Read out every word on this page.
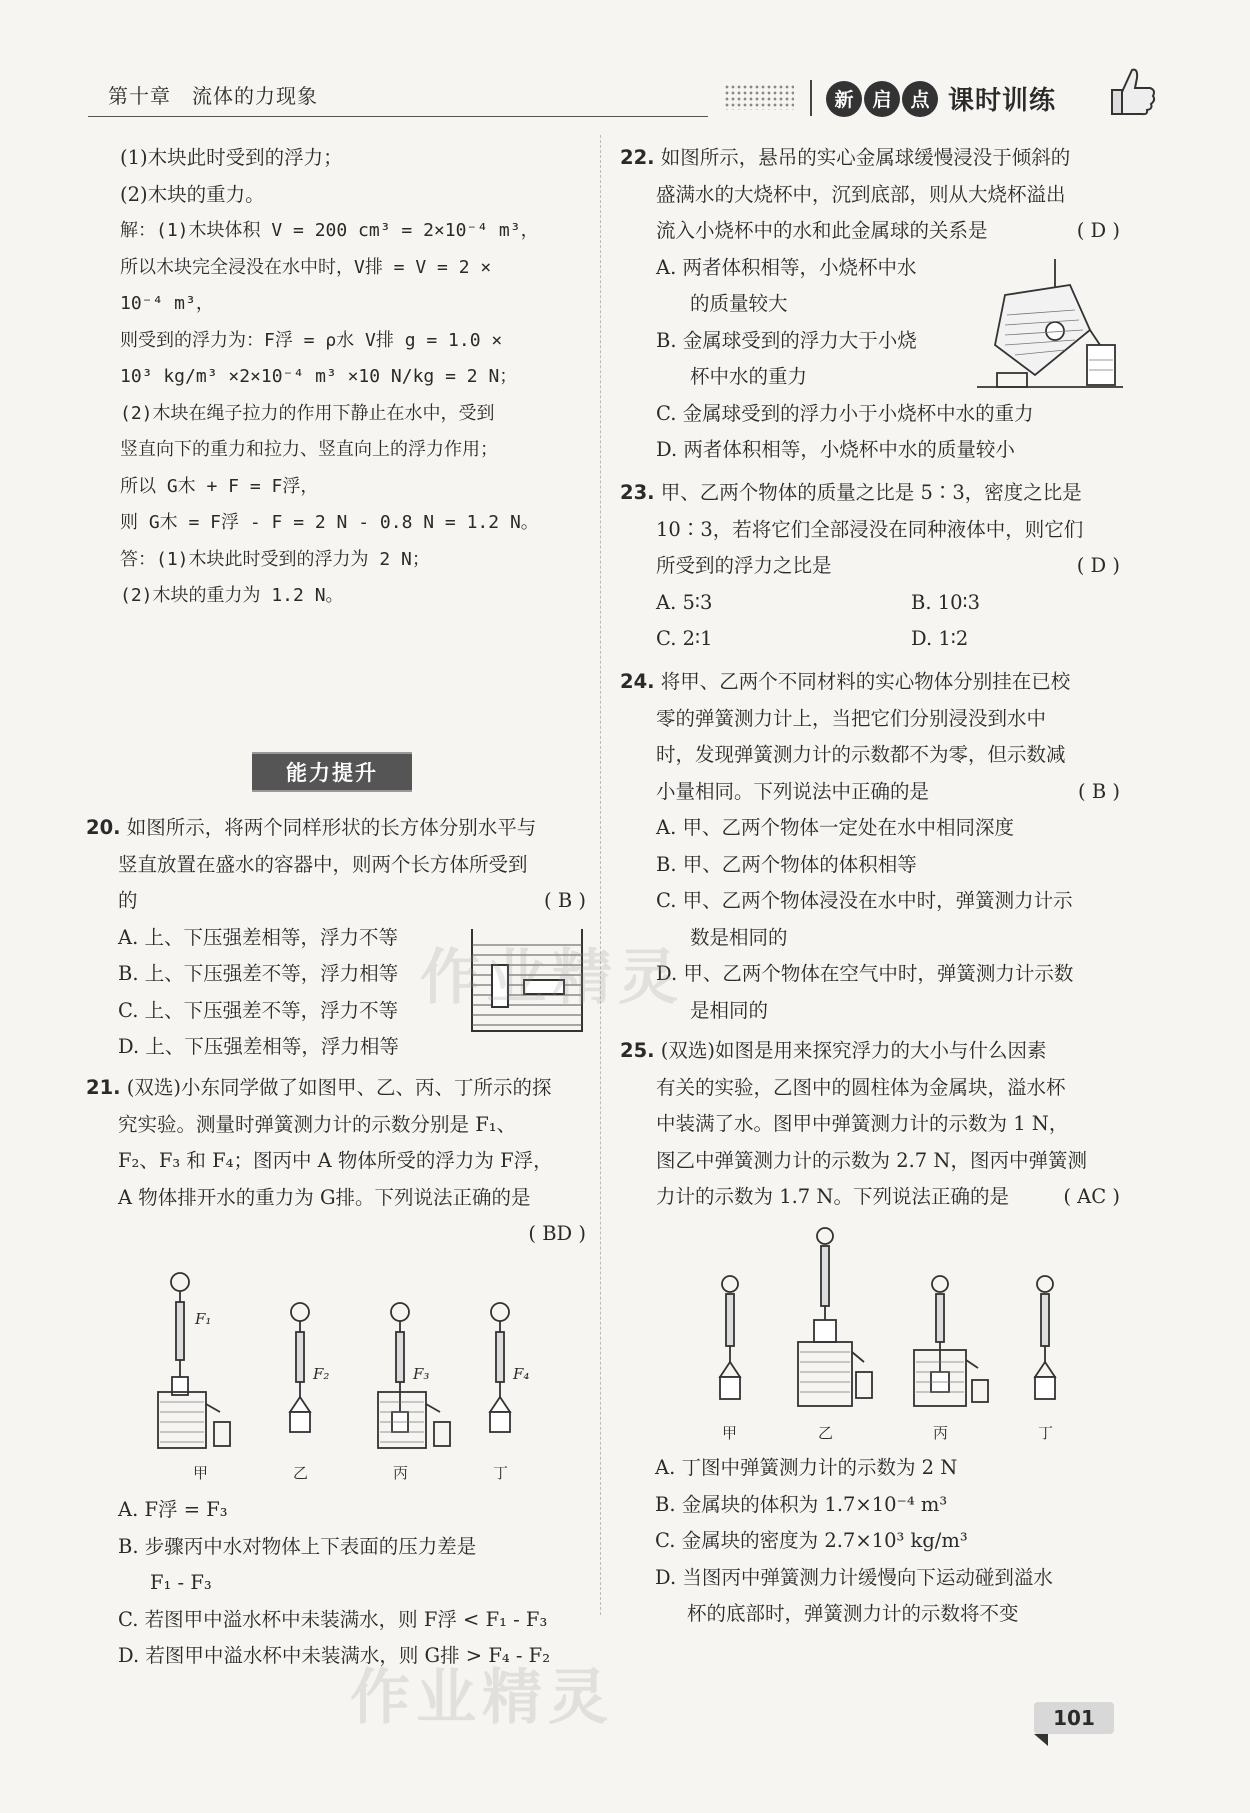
第十章　流体的力现象	新 启 点 课时训练

(1)木块此时受到的浮力；

(2)木块的重力。

解：(1)木块体积 V = 200 cm³ = 2×10⁻⁴ m³，

所以木块完全浸没在水中时，V排 = V = 2 ×

10⁻⁴ m³，

则受到的浮力为：F浮 = ρ水 V排 g = 1.0 ×

10³ kg/m³ ×2×10⁻⁴ m³ ×10 N/kg = 2 N；

(2)木块在绳子拉力的作用下静止在水中，受到

竖直向下的重力和拉力、竖直向上的浮力作用；

所以 G木 + F = F浮，

则 G木 = F浮 - F = 2 N - 0.8 N = 1.2 N。

答：(1)木块此时受到的浮力为 2 N；

(2)木块的重力为 1.2 N。

能力提升

20. 如图所示，将两个同样形状的长方体分别水平与

竖直放置在盛水的容器中，则两个长方体所受到

的	( B )

A. 上、下压强差相等，浮力不等

B. 上、下压强差不等，浮力相等

C. 上、下压强差不等，浮力不等

D. 上、下压强差相等，浮力相等

21. (双选)小东同学做了如图甲、乙、丙、丁所示的探

究实验。测量时弹簧测力计的示数分别是 F₁、

F₂、F₃ 和 F₄；图丙中 A 物体所受的浮力为 F浮，

A 物体排开水的重力为 G排。下列说法正确的是

( BD )

F₁
F₂	F₃	F₄
甲	乙	丙	丁

A. F浮 = F₃

B. 步骤丙中水对物体上下表面的压力差是

F₁ - F₃

C. 若图甲中溢水杯中未装满水，则 F浮 < F₁ - F₃

D. 若图甲中溢水杯中未装满水，则 G排 > F₄ - F₂

22. 如图所示，悬吊的实心金属球缓慢浸没于倾斜的

盛满水的大烧杯中，沉到底部，则从大烧杯溢出

流入小烧杯中的水和此金属球的关系是	( D )

A. 两者体积相等，小烧杯中水

的质量较大

B. 金属球受到的浮力大于小烧

杯中水的重力

C. 金属球受到的浮力小于小烧杯中水的重力

D. 两者体积相等，小烧杯中水的质量较小

23. 甲、乙两个物体的质量之比是 5∶3，密度之比是

10∶3，若将它们全部浸没在同种液体中，则它们

所受到的浮力之比是	( D )

A. 5∶3	B. 10∶3

C. 2∶1	D. 1∶2

24. 将甲、乙两个不同材料的实心物体分别挂在已校

零的弹簧测力计上，当把它们分别浸没到水中

时，发现弹簧测力计的示数都不为零，但示数减

小量相同。下列说法中正确的是	( B )

A. 甲、乙两个物体一定处在水中相同深度

B. 甲、乙两个物体的体积相等

C. 甲、乙两个物体浸没在水中时，弹簧测力计示

数是相同的

D. 甲、乙两个物体在空气中时，弹簧测力计示数

是相同的

25. (双选)如图是用来探究浮力的大小与什么因素

有关的实验，乙图中的圆柱体为金属块，溢水杯

中装满了水。图甲中弹簧测力计的示数为 1 N，

图乙中弹簧测力计的示数为 2.7 N，图丙中弹簧测

力计的示数为 1.7 N。下列说法正确的是	( AC )

甲	乙	丙	丁

A. 丁图中弹簧测力计的示数为 2 N

B. 金属块的体积为 1.7×10⁻⁴ m³

C. 金属块的密度为 2.7×10³ kg/m³

D. 当图丙中弹簧测力计缓慢向下运动碰到溢水

杯的底部时，弹簧测力计的示数将不变

作业精灵
作业精灵	101
